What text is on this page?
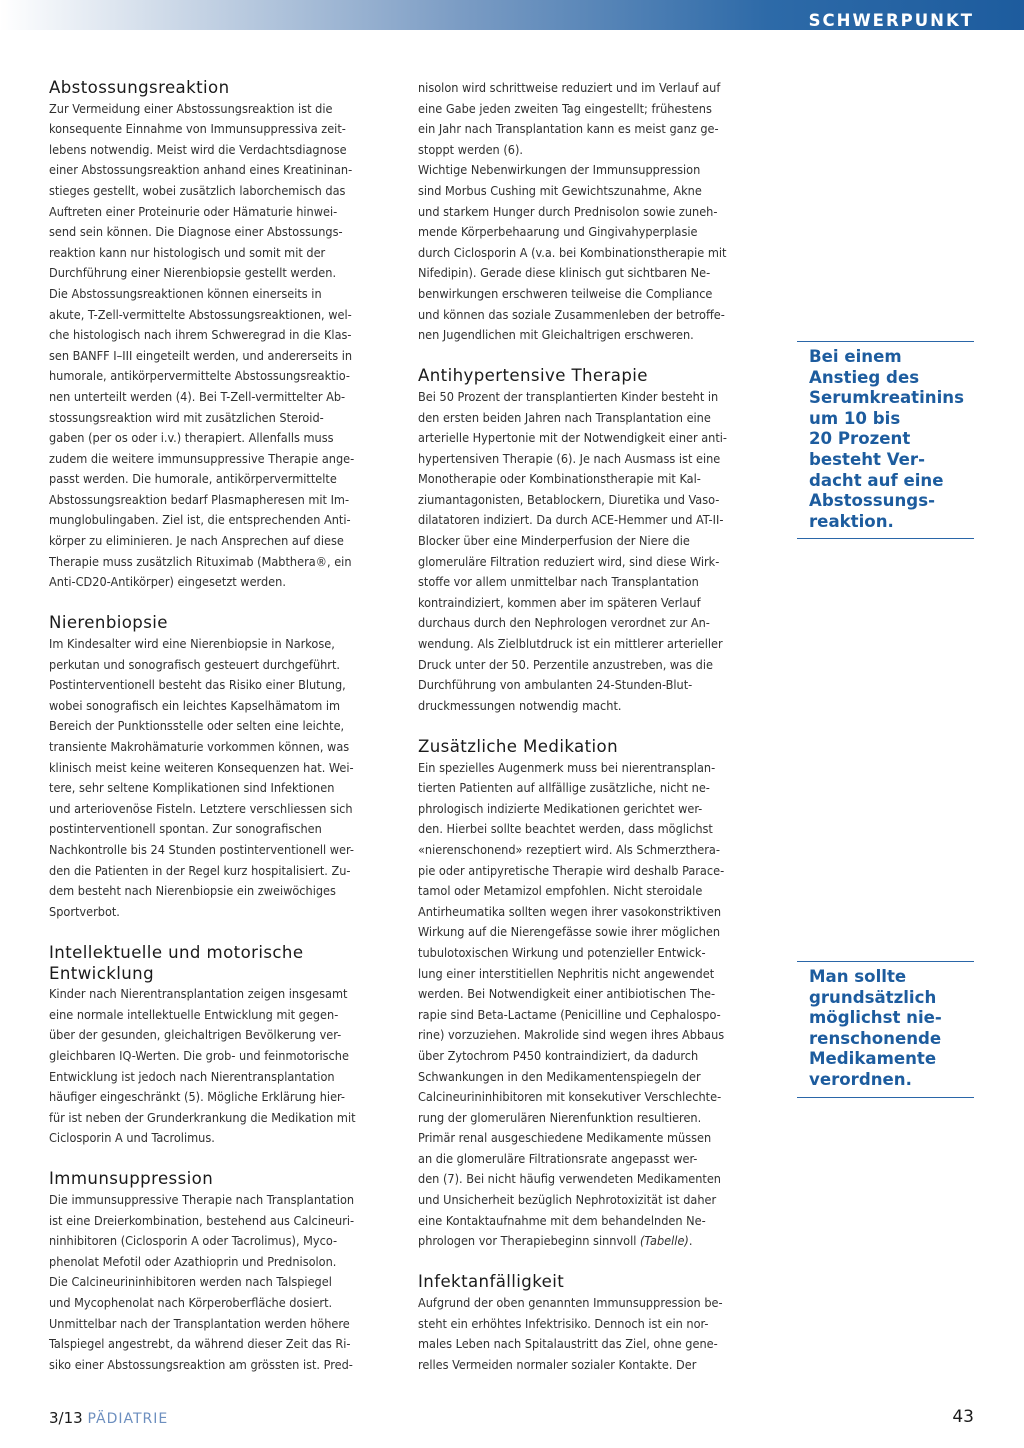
SCHWERPUNKT
Abstossungsreaktion
Zur Vermeidung einer Abstossungsreaktion ist die
konsequente Einnahme von Immunsuppressiva zeit-
lebens notwendig. Meist wird die Verdachtsdiagnose
einer Abstossungsreaktion anhand eines Kreatininan-
stieges gestellt, wobei zusätzlich laborchemisch das
Auftreten einer Proteinurie oder Hämaturie hinwei-
send sein können. Die Diagnose einer Abstossungs-
reaktion kann nur histologisch und somit mit der
Durchführung einer Nierenbiopsie gestellt werden.
Die Abstossungsreaktionen können einerseits in
akute, T-Zell-vermittelte Abstossungsreaktionen, wel-
che histologisch nach ihrem Schweregrad in die Klas-
sen BANFF I–III eingeteilt werden, und andererseits in
humorale, antikörpervermittelte Abstossungsreaktio-
nen unterteilt werden (4). Bei T-Zell-vermittelter Ab-
stossungsreaktion wird mit zusätzlichen Steroid-
gaben (per os oder i.v.) therapiert. Allenfalls muss
zudem die weitere immunsuppressive Therapie ange-
passt werden. Die humorale, antikörpervermittelte
Abstossungsreaktion bedarf Plasmapheresen mit Im-
munglobulingaben. Ziel ist, die entsprechenden Anti-
körper zu eliminieren. Je nach Ansprechen auf diese
Therapie muss zusätzlich Rituximab (Mabthera®, ein
Anti-CD20-Antikörper) eingesetzt werden.
Nierenbiopsie
Im Kindesalter wird eine Nierenbiopsie in Narkose,
perkutan und sonografisch gesteuert durchgeführt.
Postinterventionell besteht das Risiko einer Blutung,
wobei sonografisch ein leichtes Kapselhämatom im
Bereich der Punktionsstelle oder selten eine leichte,
transiente Makrohämaturie vorkommen können, was
klinisch meist keine weiteren Konsequenzen hat. Wei-
tere, sehr seltene Komplikationen sind Infektionen
und arteriovenöse Fisteln. Letztere verschliessen sich
postinterventionell spontan. Zur sonografischen
Nachkontrolle bis 24 Stunden postinterventionell wer-
den die Patienten in der Regel kurz hospitalisiert. Zu-
dem besteht nach Nierenbiopsie ein zweiwöchiges
Sportverbot.
Intellektuelle und motorische
Entwicklung
Kinder nach Nierentransplantation zeigen insgesamt
eine normale intellektuelle Entwicklung mit gegen-
über der gesunden, gleichaltrigen Bevölkerung ver-
gleichbaren IQ-Werten. Die grob- und feinmotorische
Entwicklung ist jedoch nach Nierentransplantation
häufiger eingeschränkt (5). Mögliche Erklärung hier-
für ist neben der Grunderkrankung die Medikation mit
Ciclosporin A und Tacrolimus.
Immunsuppression
Die immunsuppressive Therapie nach Transplantation
ist eine Dreierkombination, bestehend aus Calcineuri-
ninhibitoren (Ciclosporin A oder Tacrolimus), Myco-
phenolat Mefotil oder Azathioprin und Prednisolon.
Die Calcineurininhibitoren werden nach Talspiegel
und Mycophenolat nach Körperoberfläche dosiert.
Unmittelbar nach der Transplantation werden höhere
Talspiegel angestrebt, da während dieser Zeit das Ri-
siko einer Abstossungsreaktion am grössten ist. Pred-
nisolon wird schrittweise reduziert und im Verlauf auf
eine Gabe jeden zweiten Tag eingestellt; frühestens
ein Jahr nach Transplantation kann es meist ganz ge-
stoppt werden (6).
Wichtige Nebenwirkungen der Immunsuppression
sind Morbus Cushing mit Gewichtszunahme, Akne
und starkem Hunger durch Prednisolon sowie zuneh-
mende Körperbehaarung und Gingivahyperplasie
durch Ciclosporin A (v.a. bei Kombinationstherapie mit
Nifedipin). Gerade diese klinisch gut sichtbaren Ne-
benwirkungen erschweren teilweise die Compliance
und können das soziale Zusammenleben der betroffe-
nen Jugendlichen mit Gleichaltrigen erschweren.
Antihypertensive Therapie
Bei 50 Prozent der transplantierten Kinder besteht in
den ersten beiden Jahren nach Transplantation eine
arterielle Hypertonie mit der Notwendigkeit einer anti-
hypertensiven Therapie (6). Je nach Ausmass ist eine
Monotherapie oder Kombinationstherapie mit Kal-
ziumantagonisten, Betablockern, Diuretika und Vaso-
dilatatoren indiziert. Da durch ACE-Hemmer und AT-II-
Blocker über eine Minderperfusion der Niere die
glomeruläre Filtration reduziert wird, sind diese Wirk-
stoffe vor allem unmittelbar nach Transplantation
kontraindiziert, kommen aber im späteren Verlauf
durchaus durch den Nephrologen verordnet zur An-
wendung. Als Zielblutdruck ist ein mittlerer arterieller
Druck unter der 50. Perzentile anzustreben, was die
Durchführung von ambulanten 24-Stunden-Blut-
druckmessungen notwendig macht.
Zusätzliche Medikation
Ein spezielles Augenmerk muss bei nierentransplan-
tierten Patienten auf allfällige zusätzliche, nicht ne-
phrologisch indizierte Medikationen gerichtet wer-
den. Hierbei sollte beachtet werden, dass möglichst
«nierenschonend» rezeptiert wird. Als Schmerzthera-
pie oder antipyretische Therapie wird deshalb Parace-
tamol oder Metamizol empfohlen. Nicht steroidale
Antirheumatika sollten wegen ihrer vasokonstriktiven
Wirkung auf die Nierengefässe sowie ihrer möglichen
tubulotoxischen Wirkung und potenzieller Entwick-
lung einer interstitiellen Nephritis nicht angewendet
werden. Bei Notwendigkeit einer antibiotischen The-
rapie sind Beta-Lactame (Penicilline und Cephalospo-
rine) vorzuziehen. Makrolide sind wegen ihres Abbaus
über Zytochrom P450 kontraindiziert, da dadurch
Schwankungen in den Medikamentenspiegeln der
Calcineurininhibitoren mit konsekutiver Verschlechte-
rung der glomerulären Nierenfunktion resultieren.
Primär renal ausgeschiedene Medikamente müssen
an die glomeruläre Filtrationsrate angepasst wer-
den (7). Bei nicht häufig verwendeten Medikamenten
und Unsicherheit bezüglich Nephrotoxizität ist daher
eine Kontaktaufnahme mit dem behandelnden Ne-
phrologen vor Therapiebeginn sinnvoll (Tabelle).
Infektanfälligkeit
Aufgrund der oben genannten Immunsuppression be-
steht ein erhöhtes Infektrisiko. Dennoch ist ein nor-
males Leben nach Spitalaustritt das Ziel, ohne gene-
relles Vermeiden normaler sozialer Kontakte. Der
Bei einem
Anstieg des
Serumkreatinins
um 10 bis
20 Prozent
besteht Ver-
dacht auf eine
Abstossungs-
reaktion.
Man sollte
grundsätzlich
möglichst nie-
renschonende
Medikamente
verordnen.
3/13 PÄDIATRIE	43
